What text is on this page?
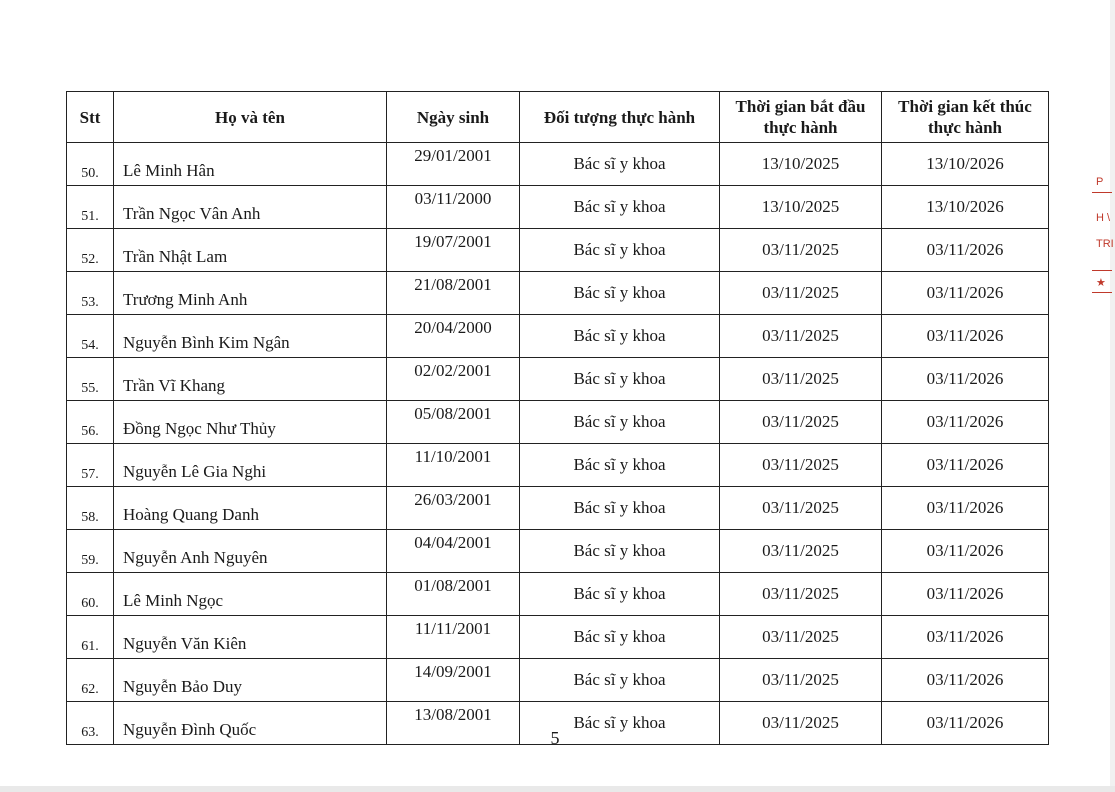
Stt	Họ và tên	Ngày sinh	Đối tượng thực hành	Thời gian bắt đầu thực hành	Thời gian kết thúc thực hành
50.	Lê Minh Hân	29/01/2001	Bác sĩ y khoa	13/10/2025	13/10/2026
51.	Trần Ngọc Vân Anh	03/11/2000	Bác sĩ y khoa	13/10/2025	13/10/2026
52.	Trần Nhật Lam	19/07/2001	Bác sĩ y khoa	03/11/2025	03/11/2026
53.	Trương Minh Anh	21/08/2001	Bác sĩ y khoa	03/11/2025	03/11/2026
54.	Nguyễn Bình Kim Ngân	20/04/2000	Bác sĩ y khoa	03/11/2025	03/11/2026
55.	Trần Vĩ Khang	02/02/2001	Bác sĩ y khoa	03/11/2025	03/11/2026
56.	Đồng Ngọc Như Thủy	05/08/2001	Bác sĩ y khoa	03/11/2025	03/11/2026
57.	Nguyễn Lê Gia Nghi	11/10/2001	Bác sĩ y khoa	03/11/2025	03/11/2026
58.	Hoàng Quang Danh	26/03/2001	Bác sĩ y khoa	03/11/2025	03/11/2026
59.	Nguyễn Anh Nguyên	04/04/2001	Bác sĩ y khoa	03/11/2025	03/11/2026
60.	Lê Minh Ngọc	01/08/2001	Bác sĩ y khoa	03/11/2025	03/11/2026
61.	Nguyễn Văn Kiên	11/11/2001	Bác sĩ y khoa	03/11/2025	03/11/2026
62.	Nguyễn Bảo Duy	14/09/2001	Bác sĩ y khoa	03/11/2025	03/11/2026
63.	Nguyễn Đình Quốc	13/08/2001	Bác sĩ y khoa	03/11/2025	03/11/2026
5
P
H \
TRI
★
